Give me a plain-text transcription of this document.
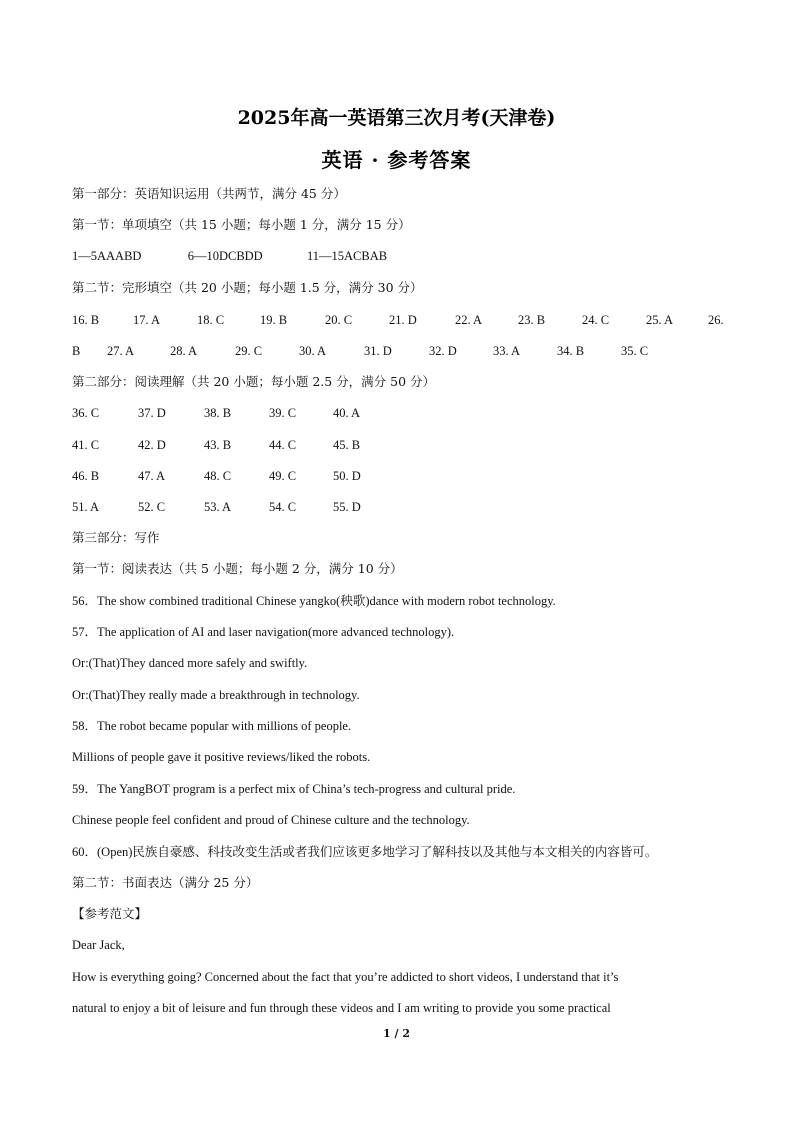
2025年高一英语第三次月考(天津卷)
英语 · 参考答案
第一部分：英语知识运用（共两节，满分 45 分）
第一节：单项填空（共 15 小题；每小题 1 分，满分 15 分）
1—5AAABD	6—10DCBDD	11—15ACBAB
第二节：完形填空（共 20 小题；每小题 1.5 分，满分 30 分）
16. B	17. A	18. C	19. B	20. C	21. D	22. A	23. B	24. C	25. A	26.
B 27. A	28. A	29. C	30. A	31. D	32. D	33. A	34. B	35. C
第二部分：阅读理解（共 20 小题；每小题 2.5 分，满分 50 分）
36. C	37. D	38. B	39. C	40. A
41. C	42. D	43. B	44. C	45. B
46. B	47. A	48. C	49. C	50. D
51. A	52. C	53. A	54. C	55. D
第三部分：写作
第一节：阅读表达（共 5 小题；每小题 2 分，满分 10 分）
56．The show combined traditional Chinese yangko(秧歌)dance with modern robot technology.
57．The application of AI and laser navigation(more advanced technology).
Or:(That)They danced more safely and swiftly.
Or:(That)They really made a breakthrough in technology.
58．The robot became popular with millions of people.
Millions of people gave it positive reviews/liked the robots.
59．The YangBOT program is a perfect mix of China’s tech-progress and cultural pride.
Chinese people feel confident and proud of Chinese culture and the technology.
60．(Open)民族自豪感、科技改变生活或者我们应该更多地学习了解科技以及其他与本文相关的内容皆可。
第二节：书面表达（满分 25 分）
【参考范文】
Dear Jack,
How is everything going? Concerned about the fact that you’re addicted to short videos, I understand that it’s
natural to enjoy a bit of leisure and fun through these videos and I am writing to provide you some practical
1 / 2
